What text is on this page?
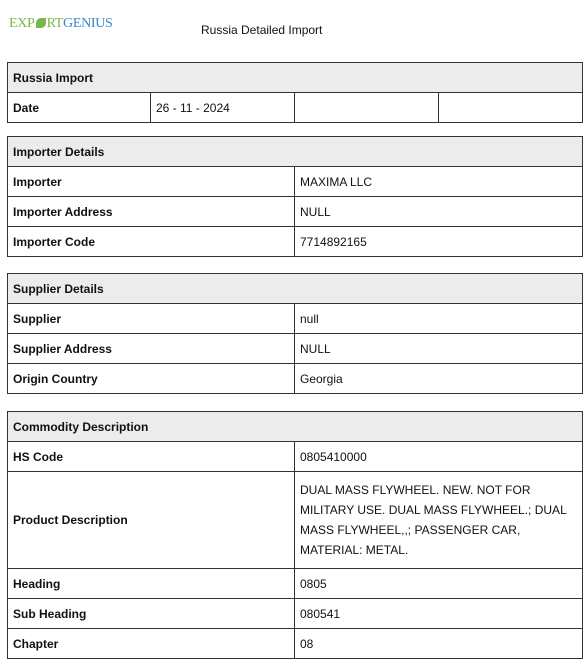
EXP RT GENIUS	Russia Detailed Import
Russia Import
Date	26 - 11 - 2024		
Importer Details	
Importer	MAXIMA LLC
Importer Address	NULL
Importer Code	7714892165
Supplier Details	
Supplier	null
Supplier Address	NULL
Origin Country	Georgia
Commodity Description	
HS Code	0805410000
Product Description	DUAL MASS FLYWHEEL. NEW. NOT FOR MILITARY USE. DUAL MASS FLYWHEEL.; DUAL MASS FLYWHEEL,,; PASSENGER CAR, MATERIAL: METAL.
Heading	0805
Sub Heading	080541
Chapter	08
